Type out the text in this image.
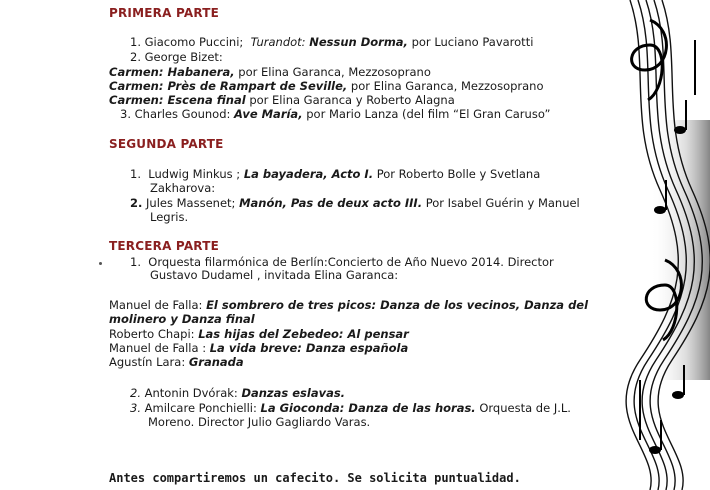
PRIMERA PARTE
1. Giacomo Puccini; Turandot: Nessun Dorma, por Luciano Pavarotti
2. George Bizet:
Carmen: Habanera, por Elina Garanca, Mezzosoprano
Carmen: Près de Rampart de Seville, por Elina Garanca, Mezzosoprano
Carmen: Escena final por Elina Garanca y Roberto Alagna
3. Charles Gounod: Ave María, por Mario Lanza (del film “El Gran Caruso”
SEGUNDA PARTE
1. Ludwig Minkus ; La bayadera, Acto I. Por Roberto Bolle y Svetlana
Zakharova:
2. Jules Massenet; Manón, Pas de deux acto III. Por Isabel Guérin y Manuel
Legris.
TERCERA PARTE
1. Orquesta filarmónica de Berlín:Concierto de Año Nuevo 2014. Director
Gustavo Dudamel , invitada Elina Garanca:
Manuel de Falla: El sombrero de tres picos: Danza de los vecinos, Danza del
molinero y Danza final
Roberto Chapi: Las hijas del Zebedeo: Al pensar
Manuel de Falla : La vida breve: Danza española
Agustín Lara: Granada
2. Antonin Dvórak: Danzas eslavas.
3. Amilcare Ponchielli: La Gioconda: Danza de las horas. Orquesta de J.L.
Moreno. Director Julio Gagliardo Varas.
Antes compartiremos un cafecito. Se solicita puntualidad.
